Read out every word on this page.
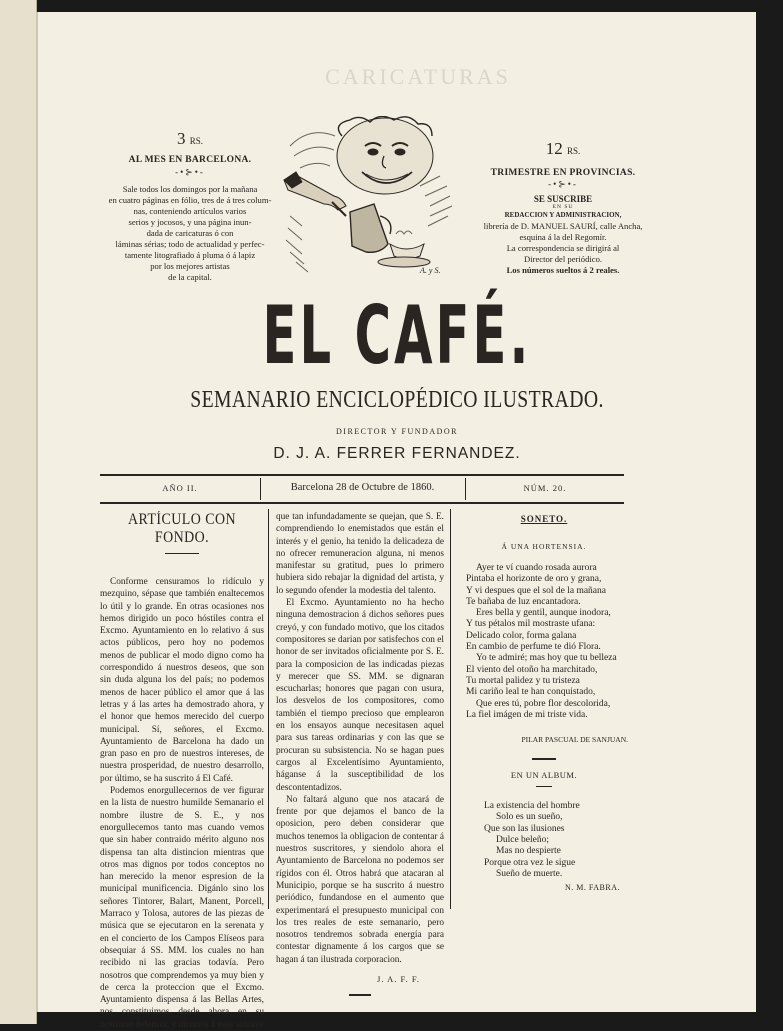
CARICATURAS
3 RS.
AL MES EN BARCELONA.
-•⊱•-
Sale todos los domingos por la mañana
en cuatro páginas en fólio, tres de á tres colum-
nas, conteniendo artículos varios
serios y jocosos, y una página inun-
dada de caricaturas ó con
láminas sérias; todo de actualidad y perfec-
tamente litografiado á pluma ó á lapiz
por los mejores artistas
de la capital.
A. y S.
12 RS.
TRIMESTRE EN PROVINCIAS.
-•⊱•-
SE SUSCRIBE
EN SU
REDACCION Y ADMINISTRACION,
librería de D. MANUEL SAURÍ, calle Ancha,
esquina á la del Regomír.
La correspondencia se dirigirá al
Director del periódico.
Los números sueltos á 2 reales.
EL CAFÉ.
SEMANARIO ENCICLOPÉDICO ILUSTRADO.
DIRECTOR Y FUNDADOR
D. J. A. FERRER FERNANDEZ.
AÑO II.	Barcelona 28 de Octubre de 1860.	NÚM. 20.
ARTÍCULO CON FONDO.

Conforme censuramos lo ridículo y mezquino, sépase que también enaltecemos lo útil y lo grande. En otras ocasiones nos hemos dirigido un poco hóstiles contra el Excmo. Ayuntamiento en lo relativo á sus actos públicos, pero hoy no podemos menos de publicar el modo digno como ha correspondido á nuestros deseos, que son sin duda alguna los del país; no podemos menos de hacer público el amor que á las letras y á las artes ha demostrado ahora, y el honor que hemos merecido del cuerpo municipal. Sí, señores, el Excmo. Ayuntamiento de Barcelona ha dado un gran paso en pro de nuestros intereses, de nuestra prosperidad, de nuestro desarrollo, por último, se ha suscrito á El Café.

Podemos enorgullecernos de ver figurar en la lista de nuestro humilde Semanario el nombre ilustre de S. E., y nos enorgullecemos tanto mas cuando vemos que sin haber contraido mérito alguno nos dispensa tan alta distincion mientras que otros mas dignos por todos conceptos no han merecido la menor espresion de la municipal munificencia. Digánlo sino los señores Tintorer, Balart, Manent, Porcell, Marraco y Tolosa, autores de las piezas de música que se ejecutaron en la serenata y en el concierto de los Campos Elíseos para obsequiar á SS. MM. los cuales no han recibido ni las gracias todavía. Pero nosotros que comprendemos ya muy bien y de cerca la proteccion que el Excmo. Ayuntamiento dispensa á las Bellas Artes, nos constituimos desde ahora en su acérrimo defensor, y diremos á esos señores

que tan infundadamente se quejan, que S. E. comprendiendo lo enemistados que están el interés y el genio, ha tenido la delicadeza de no ofrecer remuneracion alguna, ni menos manifestar su gratitud, pues lo primero hubiera sido rebajar la dignidad del artista, y lo segundo ofender la modestia del talento.

El Excmo. Ayuntamiento no ha hecho ninguna demostracion á dichos señores pues creyó, y con fundado motivo, que los citados compositores se darian por satisfechos con el honor de ser invitados oficialmente por S. E. para la composicion de las indicadas piezas y merecer que SS. MM. se dignaran escucharlas; honores que pagan con usura, los desvelos de los compositores, como también el tiempo precioso que emplearon en los ensayos aunque necesitasen aquel para sus tareas ordinarias y con las que se procuran su subsistencia. No se hagan pues cargos al Excelentísimo Ayuntamiento, háganse á la susceptibilidad de los descontentadizos.

No faltará alguno que nos atacará de frente por que dejamos el banco de la oposicion, pero deben considerar que muchos tenemos la obligacion de contentar á nuestros suscritores, y siendolo ahora el Ayuntamiento de Barcelona no podemos ser rígidos con él. Otros habrá que atacaran al Municipio, porque se ha suscrito á nuestro periódico, fundandose en el aumento que experimentará el presupuesto municipal con los tres reales de este semanario, pero nosotros tendremos sobrada energía para contestar dignamente á los cargos que se hagan á tan ilustrada corporacion.

J. A. F. F.
SONETO.
Á UNA HORTENSIA.
Ayer te ví cuando rosada aurora
Pintaba el horizonte de oro y grana,
Y vi despues que el sol de la mañana
Te bañaba de luz encantadora.
Eres bella y gentil, aunque inodora,
Y tus pétalos mil mostraste ufana:
Delicado color, forma galana
En cambio de perfume te dió Flora.
Yo te admiré; mas hoy que tu belleza
El viento del otoño ha marchitado,
Tu mortal palidez y tu tristeza
Mi cariño leal te han conquistado,
Que eres tú, pobre flor descolorida,
La fiel imágen de mi triste vida.
PILAR PASCUAL DE SANJUAN.
EN UN ALBUM.
La existencia del hombre
Solo es un sueño,
Que son las ilusiones
Dulce beleño;
Mas no despierte
Porque otra vez le sigue
Sueño de muerte.
N. M. FABRA.
